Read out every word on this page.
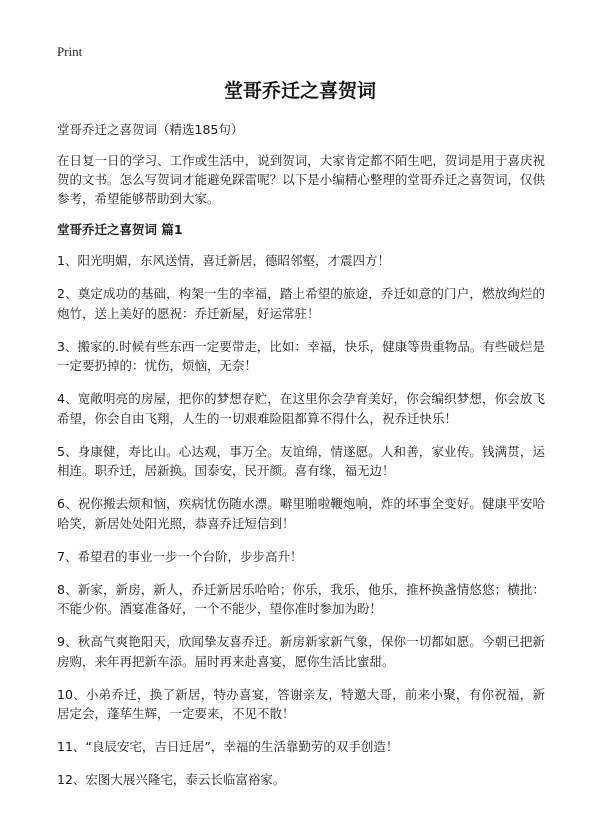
Print
堂哥乔迁之喜贺词

堂哥乔迁之喜贺词（精选185句）

在日复一日的学习、工作或生活中，说到贺词，大家肯定都不陌生吧，贺词是用于喜庆祝贺的文书。怎么写贺词才能避免踩雷呢？以下是小编精心整理的堂哥乔迁之喜贺词，仅供参考，希望能够帮助到大家。

堂哥乔迁之喜贺词 篇1

1、阳光明媚，东风送情，喜迁新居，德昭邻壑，才震四方！
2、奠定成功的基础，构架一生的幸福，踏上希望的旅途，乔迁如意的门户，燃放绚烂的炮竹，送上美好的愿祝：乔迁新屋，好运常驻！
3、搬家的.时候有些东西一定要带走，比如：幸福，快乐，健康等贵重物品。有些破烂是一定要扔掉的：忧伤，烦恼，无奈！
4、宽敞明亮的房屋，把你的梦想存贮，在这里你会孕育美好，你会编织梦想，你会放飞希望，你会自由飞翔，人生的一切艰难险阻都算不得什么，祝乔迁快乐！
5、身康健，寿比山。心达观，事万全。友谊绵，情遂愿。人和善，家业传。钱满贯，运相连。职乔迁，居新换。国泰安，民开颜。喜有缘，福无边！
6、祝你搬去烦和恼，疾病忧伤随水漂。噼里啪啦鞭炮响，炸的坏事全变好。健康平安哈哈笑，新居处处阳光照，恭喜乔迁短信到！
7、希望君的事业一步一个台阶，步步高升！
8、新家，新房，新人，乔迁新居乐哈哈；你乐，我乐，他乐，推杯换盏情悠悠；横批：不能少你。酒宴准备好，一个不能少，望你准时参加为盼！
9、秋高气爽艳阳天，欣闻挚友喜乔迁。新房新家新气象，保你一切都如愿。今朝已把新房购，来年再把新车添。届时再来赴喜宴，愿你生活比蜜甜。
10、小弟乔迁，换了新居，特办喜宴，答谢亲友，特邀大哥，前来小聚，有你祝福，新居定会，蓬荜生辉，一定要来，不见不散！
11、“良辰安宅，吉日迁居”，幸福的生活靠勤劳的双手创造！
12、宏图大展兴隆宅，泰云长临富裕家。
